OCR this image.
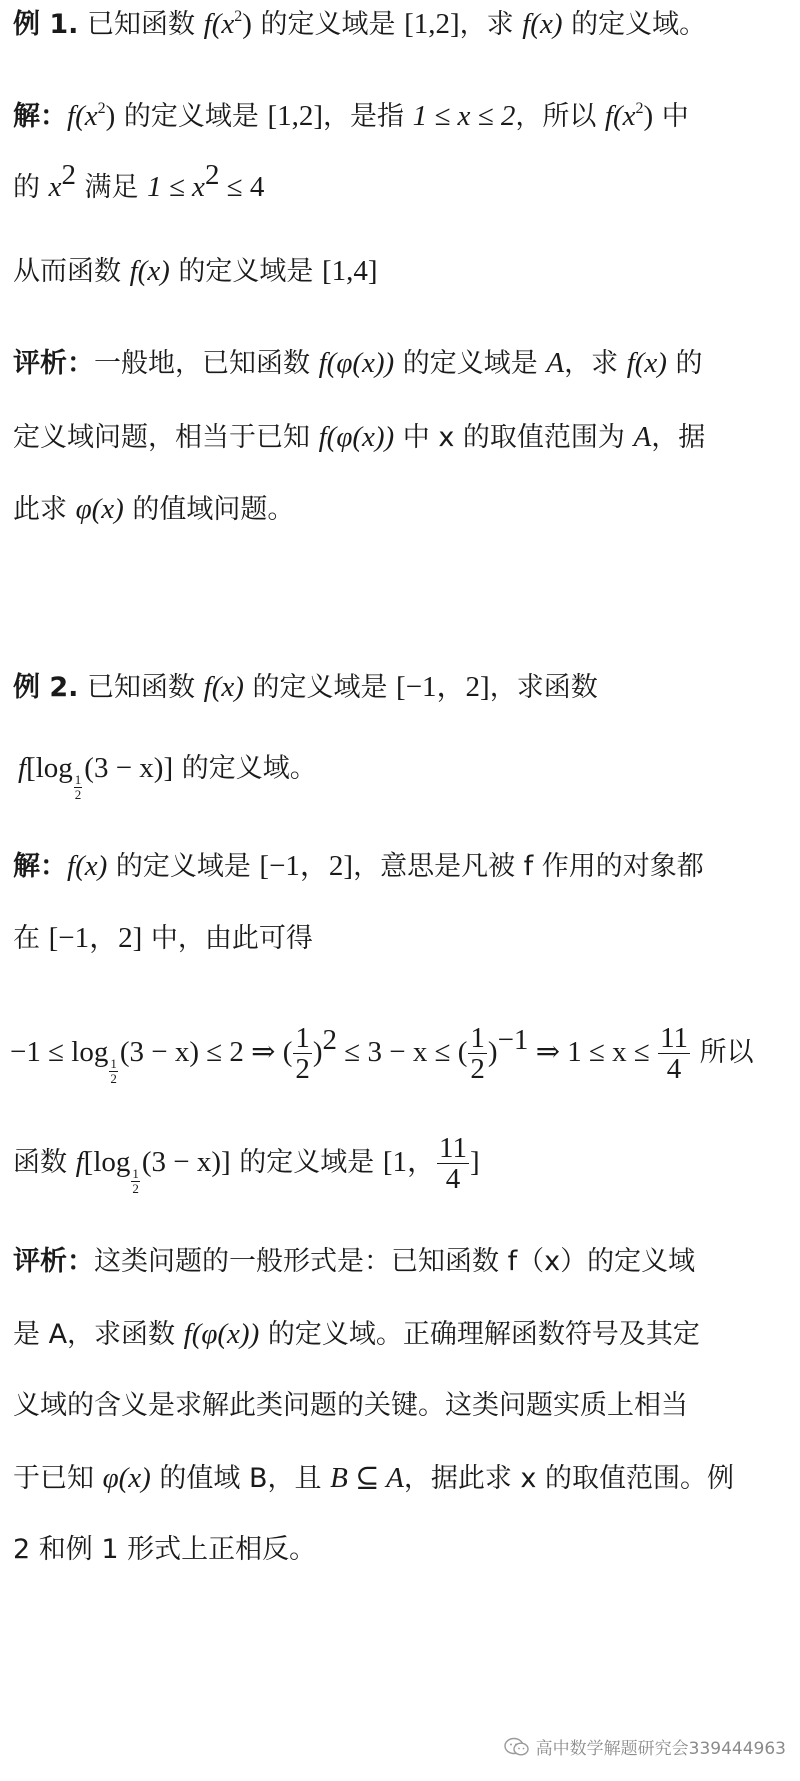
例 1. 已知函数 $f(x^2)$ 的定义域是 [1,2]，求 f(x) 的定义域。
解：$f(x^2)$ 的定义域是 [1,2]，是指 1 ≤ x ≤ 2，所以 $f(x^2)$ 中
的 $x^2$ 满足 $1 \le x^2 \le 4$
从而函数 f(x) 的定义域是 [1,4]
评析：一般地，已知函数 f(φ(x)) 的定义域是 A，求 f(x) 的
定义域问题，相当于已知 f(φ(x)) 中 x 的取值范围为 A，据
此求 φ(x) 的值域问题。
例 2. 已知函数 f(x) 的定义域是 [−1，2]，求函数
f[log
$\frac{1}{2}$
(3 − x)] 的定义域。
解：f(x) 的定义域是 [−1，2]，意思是凡被 f 作用的对象都
在 [−1，2] 中，由此可得
−1 ≤ log
$\frac{1}{2}$
(3 − x) ≤ 2 ⇒ ( $\frac{1}{2} )^2 \le 3 - x$ ≤ ( $\frac{1}{2} )^{-1}$ ⇒ $1 \le x \le \frac{11}{4}$ 所以
函数 f[log
$\frac{1}{2}$
(3 − x)] 的定义域是 [1， $\frac{11}{4}$ ]
评析：这类问题的一般形式是：已知函数 f（x）的定义域
是 A，求函数 f(φ(x)) 的定义域。正确理解函数符号及其定
义域的含义是求解此类问题的关键。这类问题实质上相当
于已知 φ(x) 的值域 B，且 B ⊆ A，据此求 x 的取值范围。例
2 和例 1 形式上正相反。
高中数学解题研究会339444963
